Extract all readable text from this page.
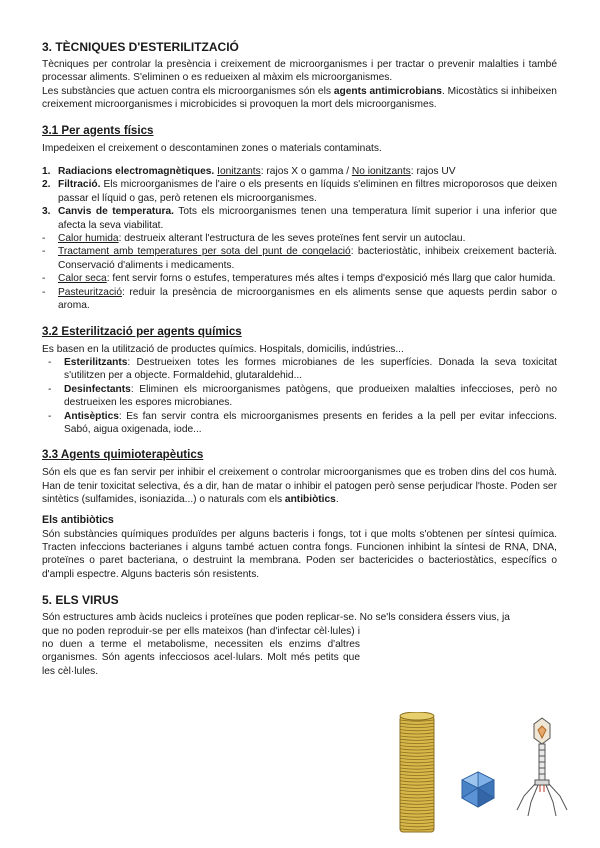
3. TÈCNIQUES D'ESTERILITZACIÓ

Tècniques per controlar la presència i creixement de microorganismes i per tractar o prevenir malalties i també processar aliments. S'eliminen o es redueixen al màxim els microorganismes.

Les substàncies que actuen contra els microorganismes són els agents antimicrobians. Micostàtics si inhibeixen creixement microorganismes i microbicides si provoquen la mort dels microorganismes.

3.1 Per agents físics

Impedeixen el creixement o descontaminen zones o materials contaminats.

1. Radiacions electromagnètiques. Ionitzants: rajos X o gamma / No ionitzants: rajos UV
2. Filtració. Els microorganismes de l'aire o els presents en líquids s'eliminen en filtres microporosos que deixen passar el líquid o gas, però retenen els microorganismes.
3. Canvis de temperatura. Tots els microorganismes tenen una temperatura límit superior i una inferior que afecta la seva viabilitat.
-	Calor humida: destrueix alterant l'estructura de les seves proteïnes fent servir un autoclau.
-	Tractament amb temperatures per sota del punt de congelació: bacteriostàtic, inhibeix creixement bacterià. Conservació d'aliments i medicaments.
-	Calor seca: fent servir forns o estufes, temperatures més altes i temps d'exposició més llarg que calor humida.
-	Pasteurització: reduir la presència de microorganismes en els aliments sense que aquests perdin sabor o aroma.
3.2 Esterilització per agents químics

Es basen en la utilització de productes químics. Hospitals, domicilis, indústries...

-	Esterilitzants: Destrueixen totes les formes microbianes de les superfícies. Donada la seva toxicitat s'utilitzen per a objecte. Formaldehid, glutaraldehid...
-	Desinfectants: Eliminen els microorganismes patògens, que produeixen malalties infeccioses, però no destrueixen les espores microbianes.
-	Antisèptics: Es fan servir contra els microorganismes presents en ferides a la pell per evitar infeccions. Sabó, aigua oxigenada, iode...
3.3 Agents quimioterapèutics

Són els que es fan servir per inhibir el creixement o controlar microorganismes que es troben dins del cos humà. Han de tenir toxicitat selectiva, és a dir, han de matar o inhibir el patogen però sense perjudicar l'hoste. Poden ser sintètics (sulfamides, isoniazida...) o naturals com els antibiòtics.

Els antibiòtics

Són substàncies químiques produïdes per alguns bacteris i fongs, tot i que molts s'obtenen per síntesi química. Tracten infeccions bacterianes i alguns també actuen contra fongs. Funcionen inhibint la síntesi de RNA, DNA, proteïnes o paret bacteriana, o destruint la membrana. Poden ser bactericides o bacteriostàtics, específics o d'ampli espectre. Alguns bacteris són resistents.

5. ELS VIRUS

Són estructures amb àcids nucleics i proteïnes que poden replicar-se. No se'ls considera éssers vius, ja

que no poden reproduir-se per ells mateixos (han d'infectar cèl·lules) i no duen a terme el metabolisme, necessiten els enzims d'altres organismes. Són agents infecciosos acel·lulars. Molt més petits que les cèl·lules.
